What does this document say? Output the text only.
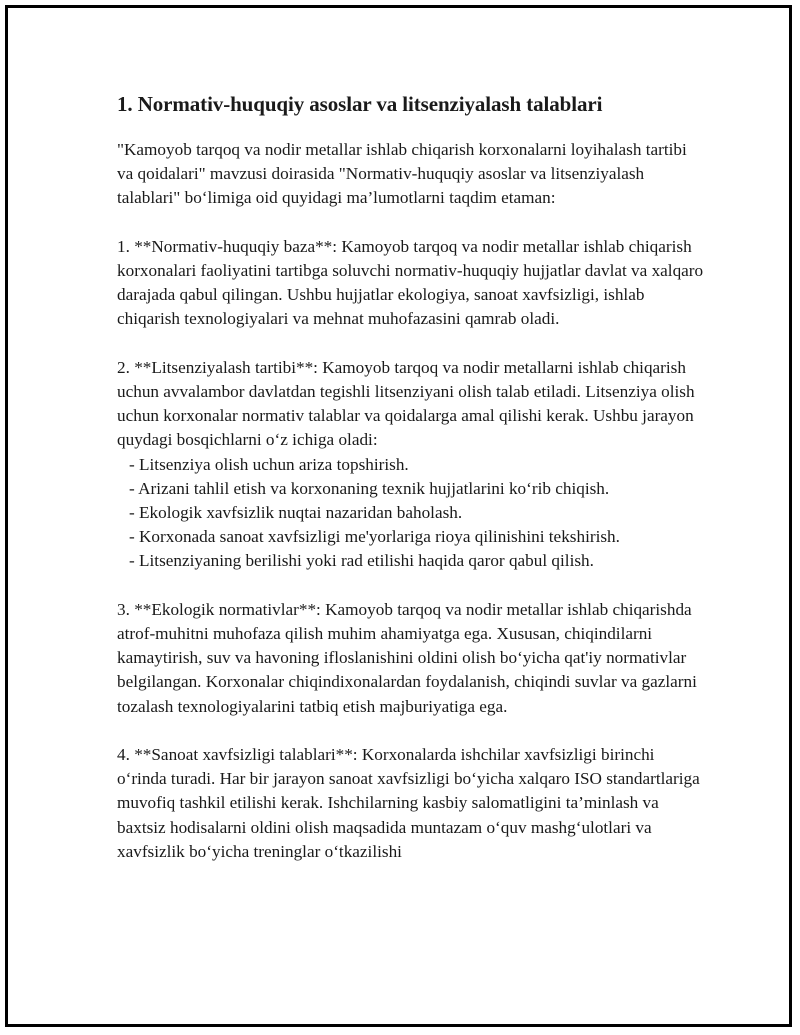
1. Normativ-huquqiy asoslar va litsenziyalash talablari

"Kamoyob tarqoq va nodir metallar ishlab chiqarish korxonalarni loyihalash tartibi va qoidalari" mavzusi doirasida "Normativ-huquqiy asoslar va litsenziyalash talablari" bo‘limiga oid quyidagi ma’lumotlarni taqdim etaman:

1. **Normativ-huquqiy baza**: Kamoyob tarqoq va nodir metallar ishlab chiqarish korxonalari faoliyatini tartibga soluvchi normativ-huquqiy hujjatlar davlat va xalqaro darajada qabul qilingan. Ushbu hujjatlar ekologiya, sanoat xavfsizligi, ishlab chiqarish texnologiyalari va mehnat muhofazasini qamrab oladi.

2. **Litsenziyalash tartibi**: Kamoyob tarqoq va nodir metallarni ishlab chiqarish uchun avvalambor davlatdan tegishli litsenziyani olish talab etiladi. Litsenziya olish uchun korxonalar normativ talablar va qoidalarga amal qilishi kerak. Ushbu jarayon quydagi bosqichlarni o‘z ichiga oladi:
- Litsenziya olish uchun ariza topshirish.
- Arizani tahlil etish va korxonaning texnik hujjatlarini ko‘rib chiqish.
- Ekologik xavfsizlik nuqtai nazaridan baholash.
- Korxonada sanoat xavfsizligi me'yorlariga rioya qilinishini tekshirish.
- Litsenziyaning berilishi yoki rad etilishi haqida qaror qabul qilish.

3. **Ekologik normativlar**: Kamoyob tarqoq va nodir metallar ishlab chiqarishda atrof-muhitni muhofaza qilish muhim ahamiyatga ega. Xususan, chiqindilarni kamaytirish, suv va havoning ifloslanishini oldini olish bo‘yicha qat'iy normativlar belgilangan. Korxonalar chiqindixonalardan foydalanish, chiqindi suvlar va gazlarni tozalash texnologiyalarini tatbiq etish majburiyatiga ega.

4. **Sanoat xavfsizligi talablari**: Korxonalarda ishchilar xavfsizligi birinchi o‘rinda turadi. Har bir jarayon sanoat xavfsizligi bo‘yicha xalqaro ISO standartlariga muvofiq tashkil etilishi kerak. Ishchilarning kasbiy salomatligini ta’minlash va baxtsiz hodisalarni oldini olish maqsadida muntazam o‘quv mashg‘ulotlari va xavfsizlik bo‘yicha treninglar o‘tkazilishi
